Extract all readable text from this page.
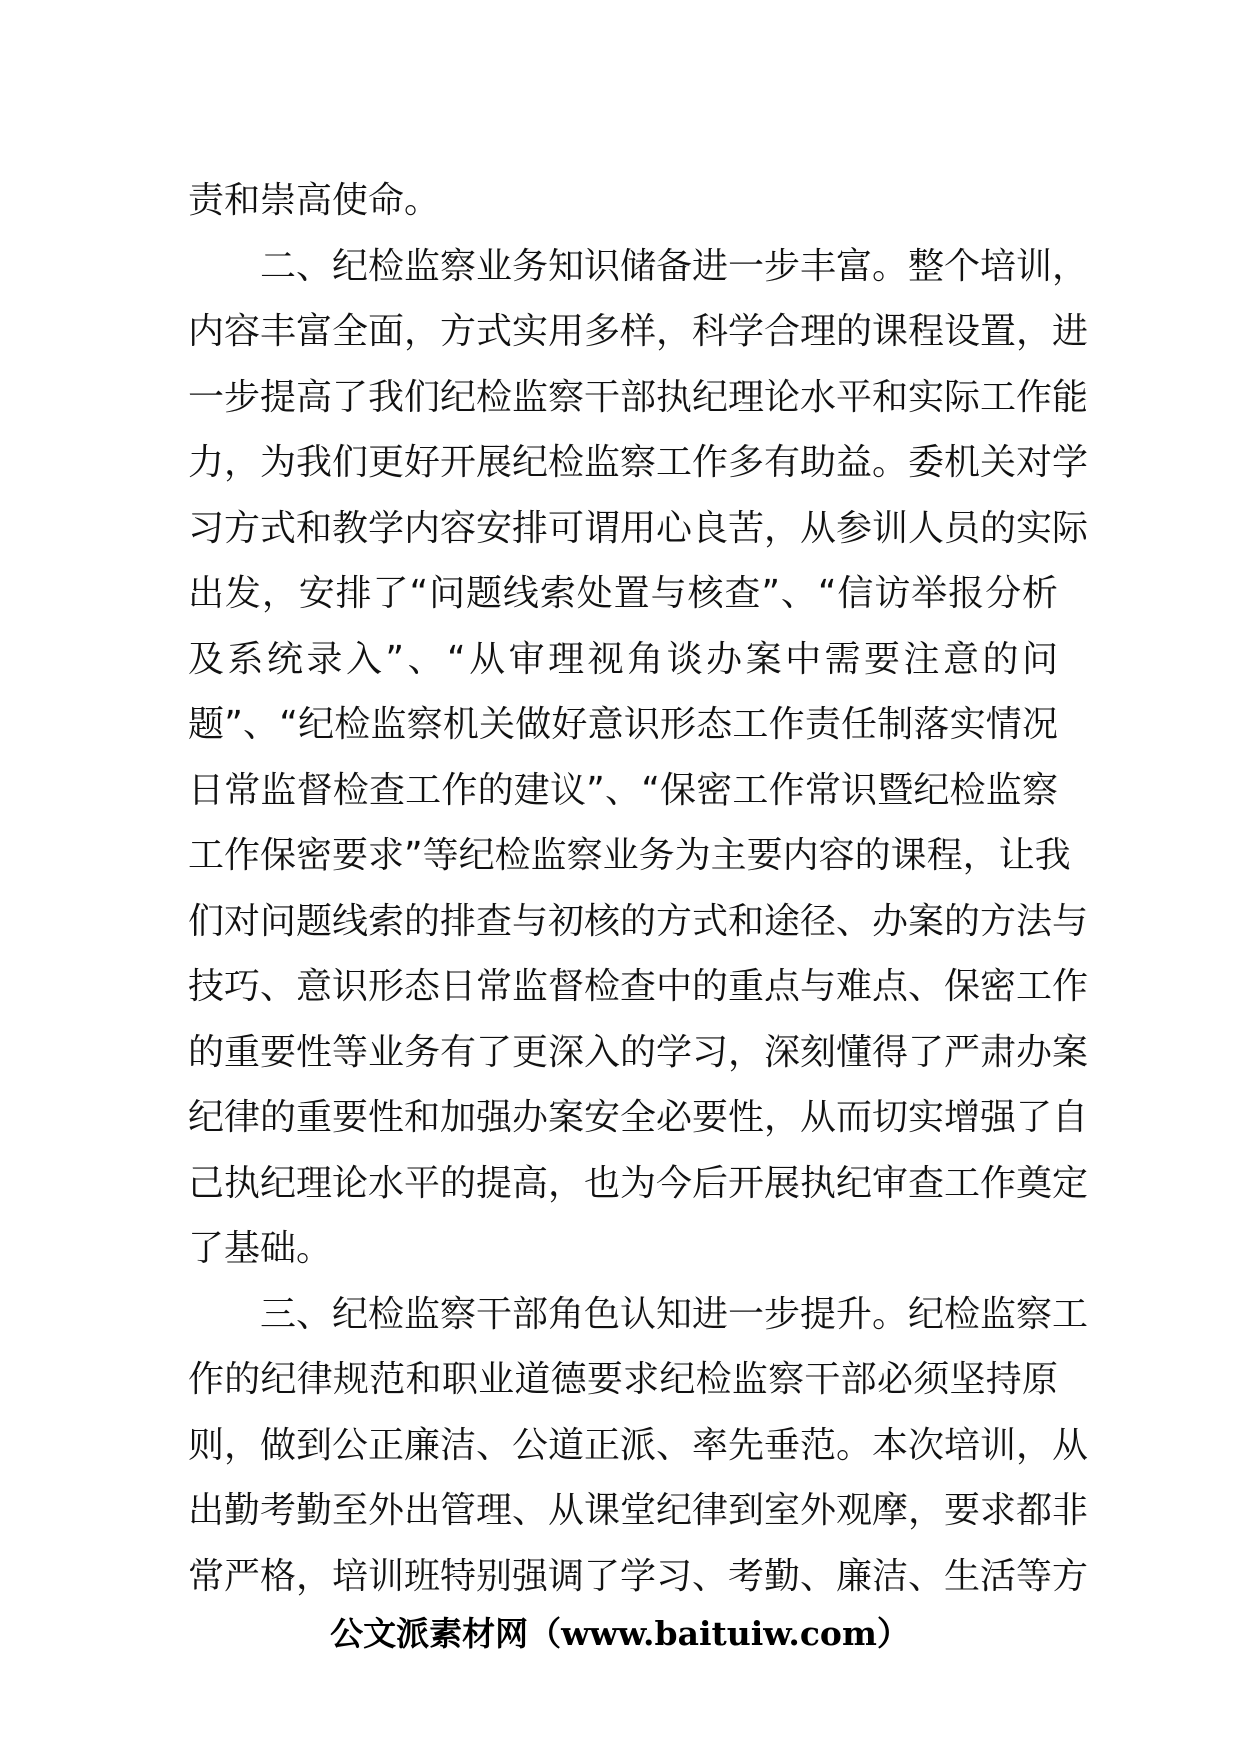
责和崇高使命。
　　二、纪检监察业务知识储备进一步丰富。整个培训，
内容丰富全面，方式实用多样，科学合理的课程设置，进
一步提高了我们纪检监察干部执纪理论水平和实际工作能
力，为我们更好开展纪检监察工作多有助益。委机关对学
习方式和教学内容安排可谓用心良苦，从参训人员的实际
出发，安排了“问题线索处置与核查”、“信访举报分析
及系统录入”、“从审理视角谈办案中需要注意的问
题”、“纪检监察机关做好意识形态工作责任制落实情况
日常监督检查工作的建议”、“保密工作常识暨纪检监察
工作保密要求”等纪检监察业务为主要内容的课程，让我
们对问题线索的排查与初核的方式和途径、办案的方法与
技巧、意识形态日常监督检查中的重点与难点、保密工作
的重要性等业务有了更深入的学习，深刻懂得了严肃办案
纪律的重要性和加强办案安全必要性，从而切实增强了自
己执纪理论水平的提高，也为今后开展执纪审查工作奠定
了基础。
　　三、纪检监察干部角色认知进一步提升。纪检监察工
作的纪律规范和职业道德要求纪检监察干部必须坚持原
则，做到公正廉洁、公道正派、率先垂范。本次培训，从
出勤考勤至外出管理、从课堂纪律到室外观摩，要求都非
常严格，培训班特别强调了学习、考勤、廉洁、生活等方
公文派素材网（www.baituiw.com）
